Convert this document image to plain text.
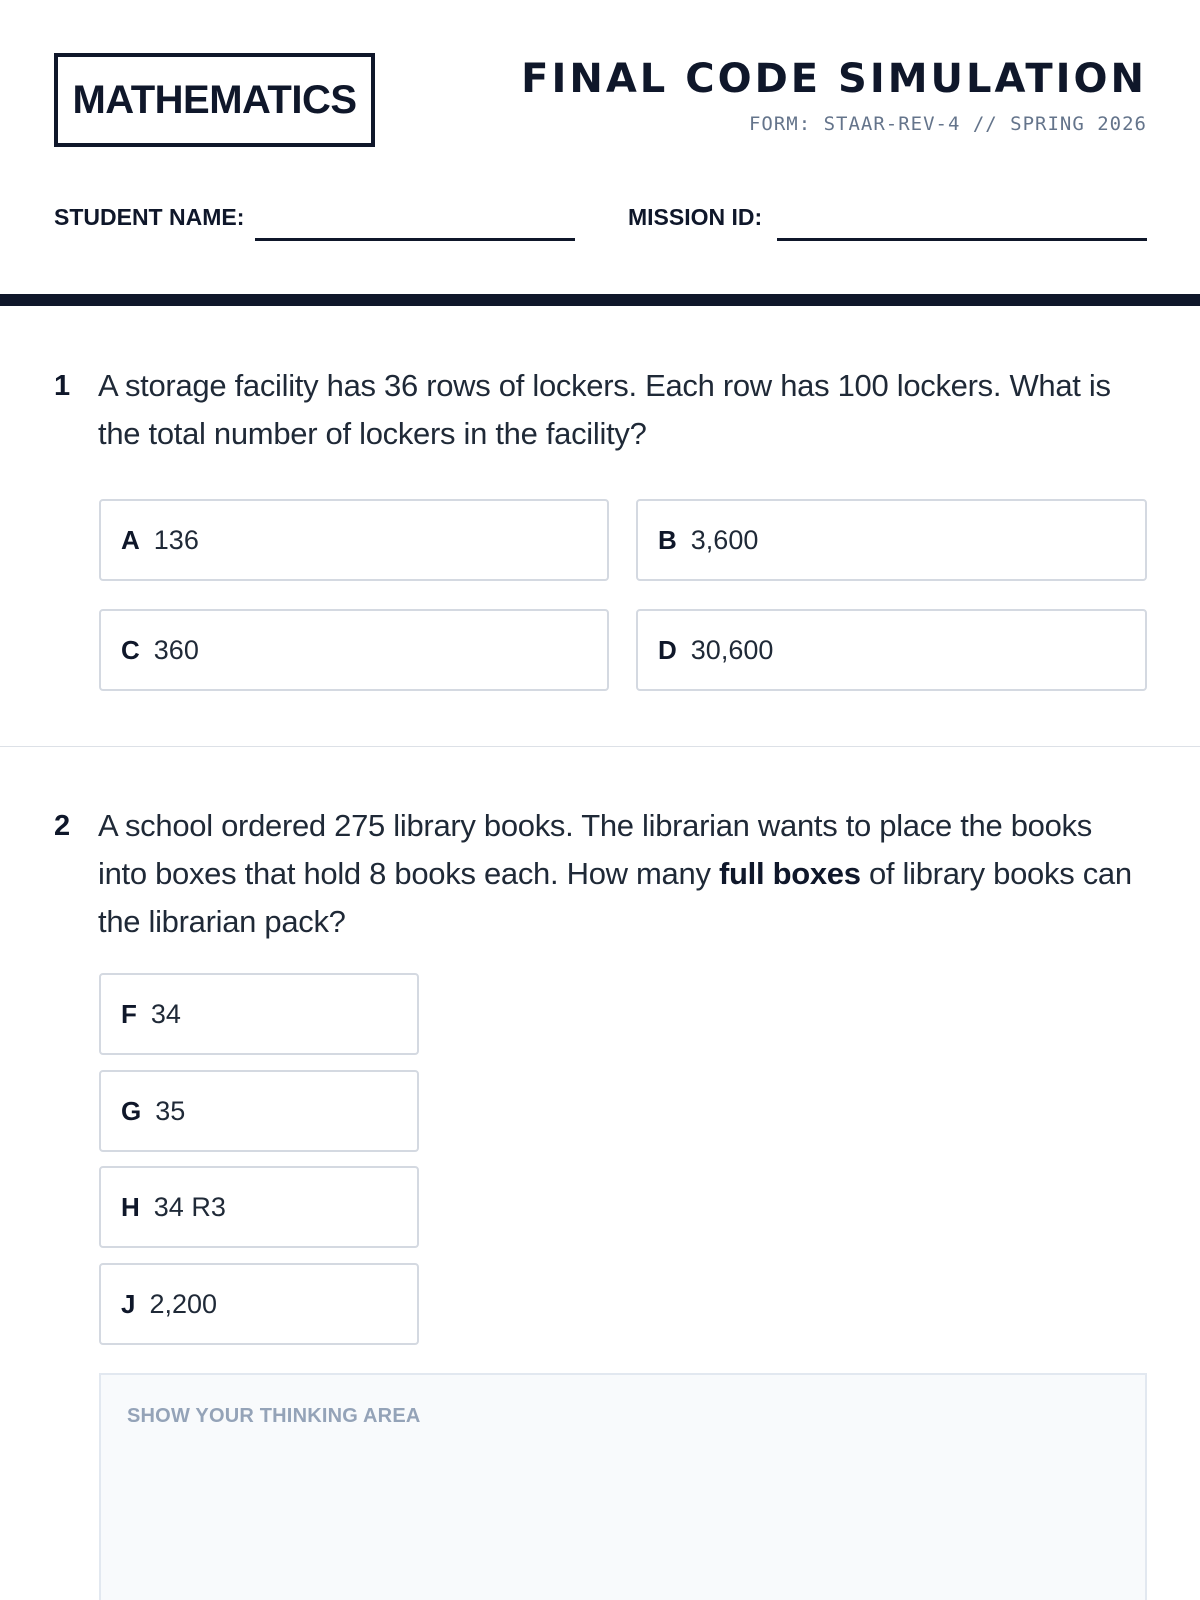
MATHEMATICS	FINAL CODE SIMULATION
FORM: STAAR-REV-4 // SPRING 2026
STUDENT NAME:	MISSION ID:
1 A storage facility has 36 rows of lockers. Each row has 100 lockers. What is the total number of lockers in the facility?
A 136	B 3,600
C 360	D 30,600
2 A school ordered 275 library books. The librarian wants to place the books into boxes that hold 8 books each. How many full boxes of library books can the librarian pack?
F 34
G 35
H 34 R3
J 2,200
SHOW YOUR THINKING AREA
